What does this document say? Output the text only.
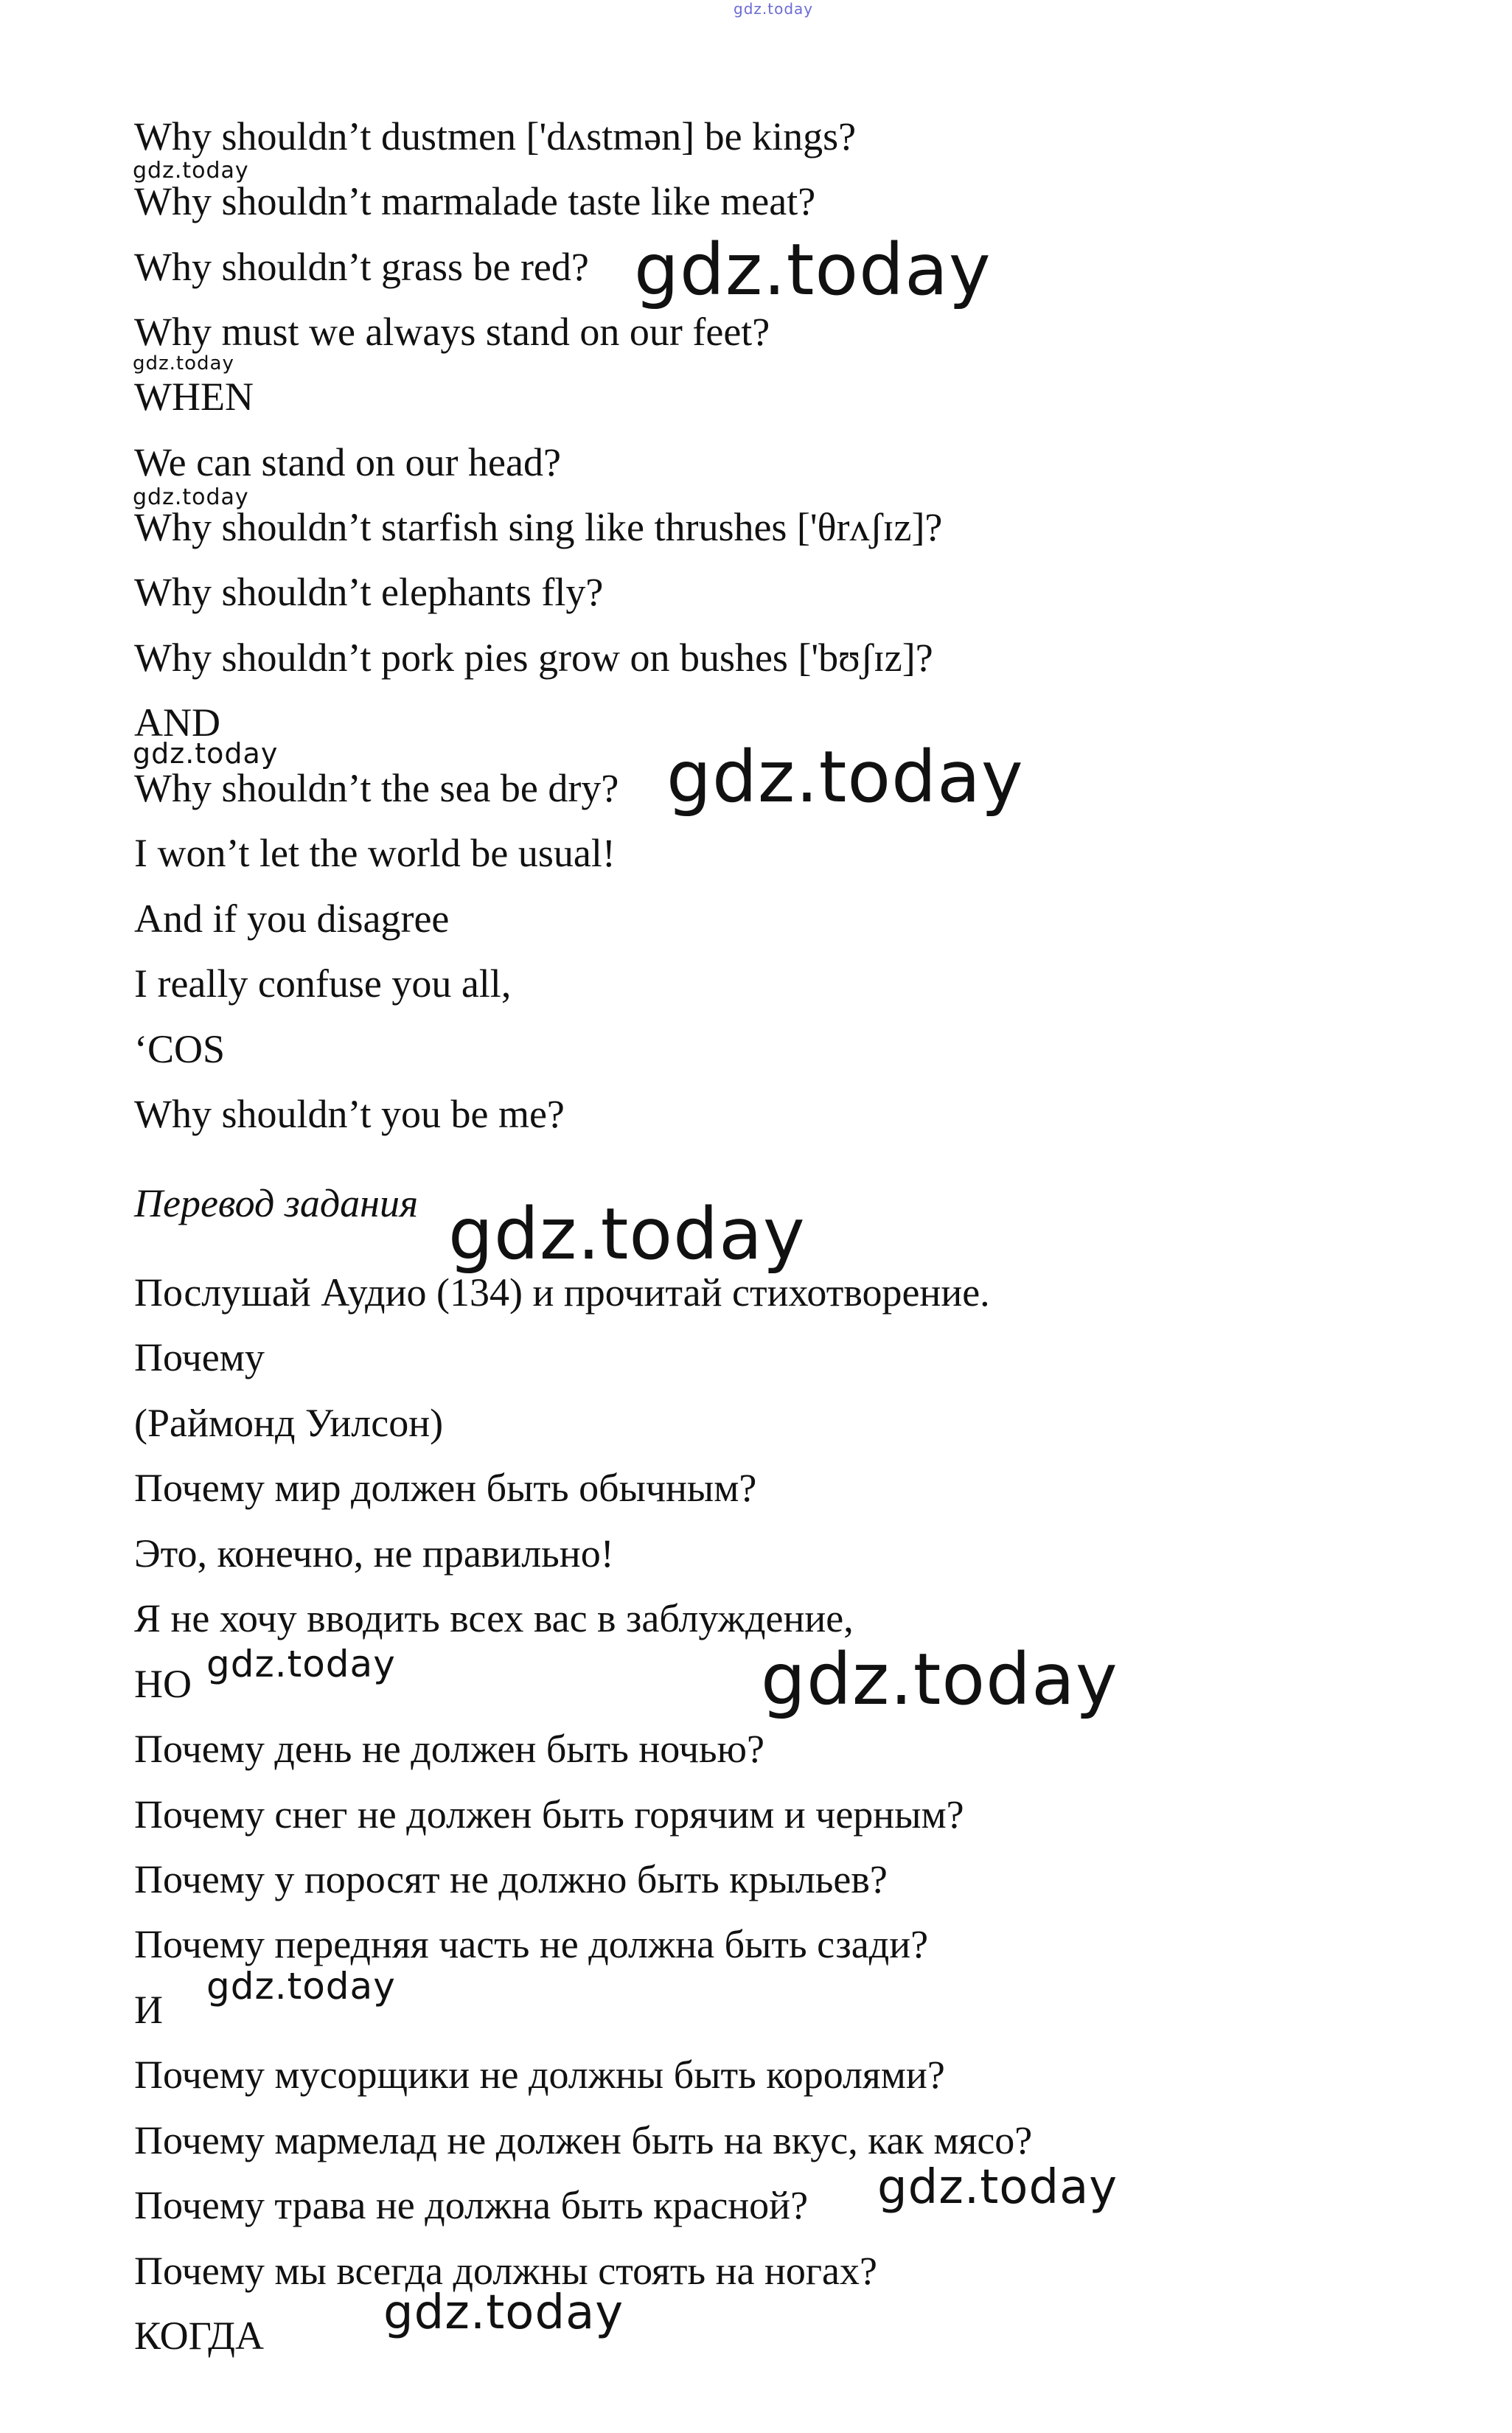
gdz.today
Why shouldn’t dustmen ['dʌstmən] be kings?
Why shouldn’t marmalade taste like meat?
Why shouldn’t grass be red?
Why must we always stand on our feet?
WHEN
We can stand on our head?
Why shouldn’t starfish sing like thrushes ['θrʌʃɪz]?
Why shouldn’t elephants fly?
Why shouldn’t pork pies grow on bushes ['bʊʃɪz]?
AND
Why shouldn’t the sea be dry?
I won’t let the world be usual!
And if you disagree
I really confuse you all,
‘COS
Why shouldn’t you be me?
Перевод задания
Послушай Аудио (134) и прочитай стихотворение.
Почему
(Раймонд Уилсон)
Почему мир должен быть обычным?
Это, конечно, не правильно!
Я не хочу вводить всех вас в заблуждение,
НО
Почему день не должен быть ночью?
Почему снег не должен быть горячим и черным?
Почему у поросят не должно быть крыльев?
Почему передняя часть не должна быть сзади?
И
Почему мусорщики не должны быть королями?
Почему мармелад не должен быть на вкус, как мясо?
Почему трава не должна быть красной?
Почему мы всегда должны стоять на ногах?
КОГДА
gdz.today
gdz.today
gdz.today
gdz.today
gdz.today	gdz.today
gdz.today
gdz.today	gdz.today
gdz.today
gdz.today
gdz.today
